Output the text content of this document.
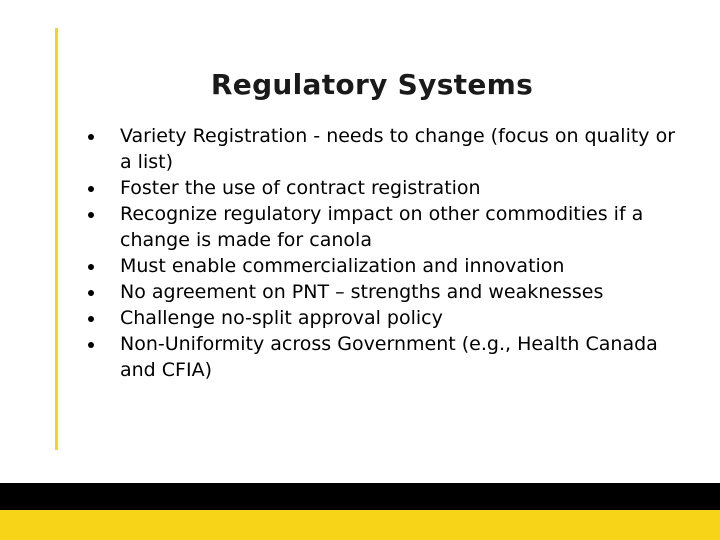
Regulatory Systems
Variety Registration - needs to change (focus on quality or a list)
Foster the use of contract registration
Recognize regulatory impact on other commodities if a change is made for canola
Must enable commercialization and innovation
No agreement on PNT – strengths and weaknesses
Challenge no-split approval policy
Non-Uniformity across Government (e.g., Health Canada and CFIA)
